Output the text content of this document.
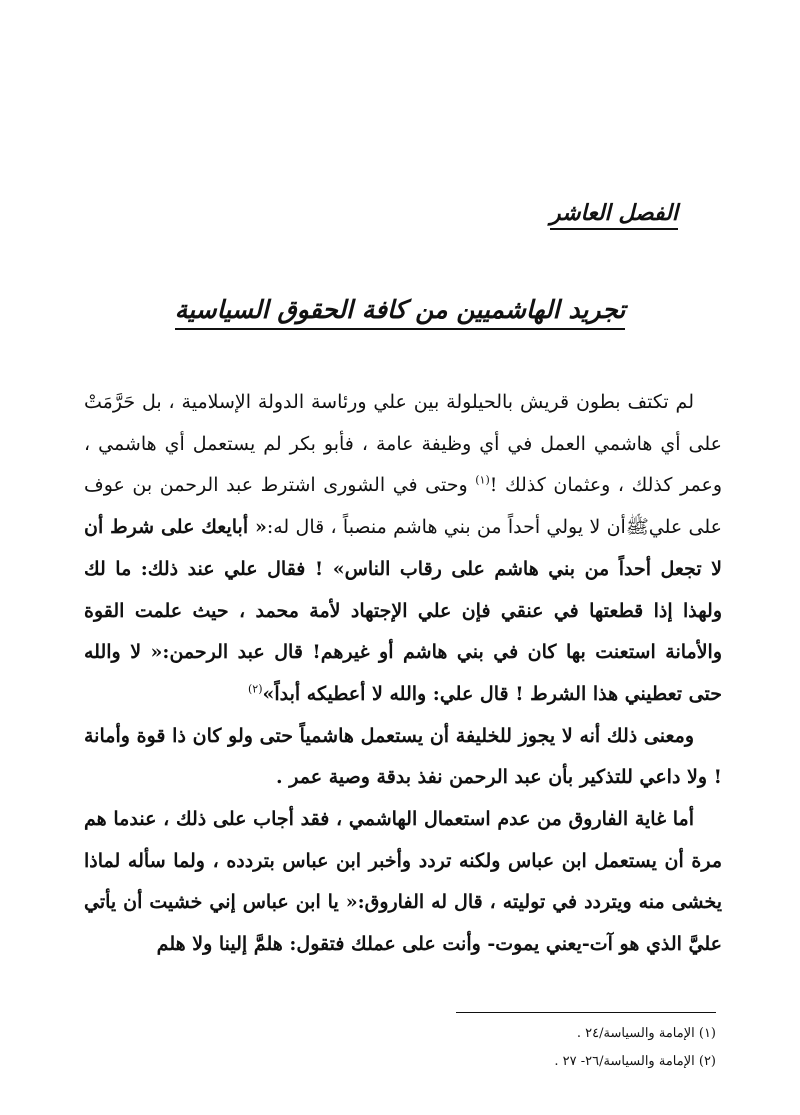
الفصل العاشر
تجريد الهاشميين من كافة الحقوق السياسية

لم تكتف بطون قريش بالحيلولة بين علي ورئاسة الدولة الإسلامية ، بل حَرَّمَتْ على أي هاشمي العمل في أي وظيفة عامة ، فأبو بكر لم يستعمل أي هاشمي ، وعمر كذلك ، وعثمان كذلك !$^{(١)}$ وحتى في الشورى اشترط عبد الرحمن بن عوف على عليﷺأن لا يولي أحداً من بني هاشم منصباً ، قال له:« أبايعك على شرط أن لا تجعل أحداً من بني هاشم على رقاب الناس» ! فقال علي عند ذلك: ما لك ولهذا إذا قطعتها في عنقي فإن علي الإجتهاد لأمة محمد ، حيث علمت القوة والأمانة استعنت بها كان في بني هاشم أو غيرهم! قال عبد الرحمن:« لا والله حتى تعطيني هذا الشرط ! قال علي: والله لا أعطيكه أبداً»$^{(٢)}$

ومعنى ذلك أنه لا يجوز للخليفة أن يستعمل هاشمياً حتى ولو كان ذا قوة وأمانة ! ولا داعي للتذكير بأن عبد الرحمن نفذ بدقة وصية عمر .

أما غاية الفاروق من عدم استعمال الهاشمي ، فقد أجاب على ذلك ، عندما هم مرة أن يستعمل ابن عباس ولكنه تردد وأخبر ابن عباس بتردده ، ولما سأله لماذا يخشى منه ويتردد في توليته ، قال له الفاروق:« يا ابن عباس إني خشيت أن يأتي عليَّ الذي هو آت-يعني يموت- وأنت على عملك فتقول: هلمَّ إلينا ولا هلم

(١) الإمامة والسياسة/٢٤ .
(٢) الإمامة والسياسة/٢٦- ٢٧ .
